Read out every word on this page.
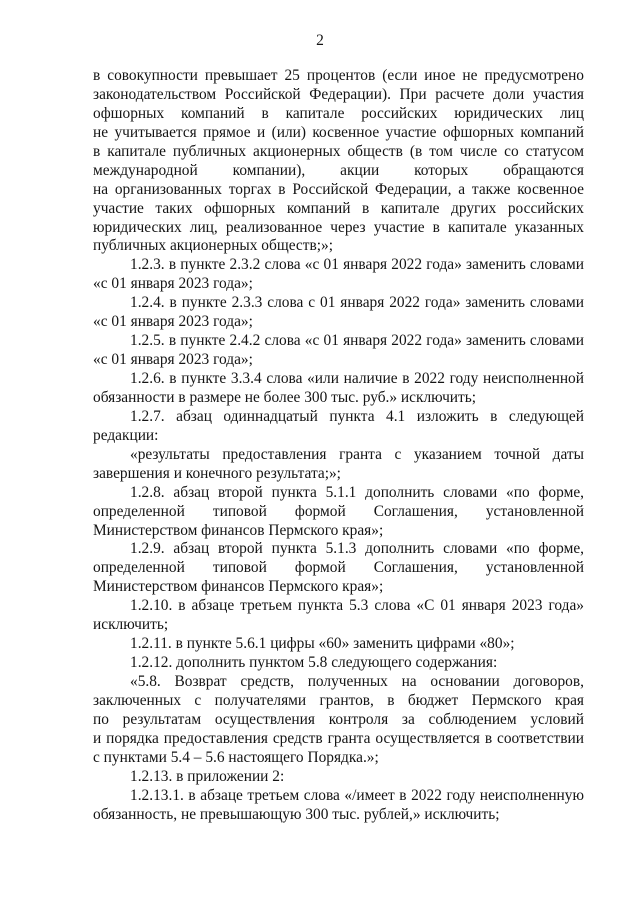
2
в совокупности превышает 25 процентов (если иное не предусмотрено
законодательством Российской Федерации). При расчете доли участия
офшорных компаний в капитале российских юридических лиц
не учитывается прямое и (или) косвенное участие офшорных компаний
в капитале публичных акционерных обществ (в том числе со статусом
международной компании), акции которых обращаются
на организованных торгах в Российской Федерации, а также косвенное
участие таких офшорных компаний в капитале других российских
юридических лиц, реализованное через участие в капитале указанных
публичных акционерных обществ;»;
1.2.3. в пункте 2.3.2 слова «с 01 января 2022 года» заменить словами
«с 01 января 2023 года»;
1.2.4. в пункте 2.3.3 слова с 01 января 2022 года» заменить словами
«с 01 января 2023 года»;
1.2.5. в пункте 2.4.2 слова «с 01 января 2022 года» заменить словами
«с 01 января 2023 года»;
1.2.6. в пункте 3.3.4 слова «или наличие в 2022 году неисполненной
обязанности в размере не более 300 тыс. руб.» исключить;
1.2.7. абзац одиннадцатый пункта 4.1 изложить в следующей
редакции:
«результаты предоставления гранта с указанием точной даты
завершения и конечного результата;»;
1.2.8. абзац второй пункта 5.1.1 дополнить словами «по форме,
определенной типовой формой Соглашения, установленной
Министерством финансов Пермского края»;
1.2.9. абзац второй пункта 5.1.3 дополнить словами «по форме,
определенной типовой формой Соглашения, установленной
Министерством финансов Пермского края»;
1.2.10. в абзаце третьем пункта 5.3 слова «С 01 января 2023 года»
исключить;
1.2.11. в пункте 5.6.1 цифры «60» заменить цифрами «80»;
1.2.12. дополнить пунктом 5.8 следующего содержания:
«5.8. Возврат средств, полученных на основании договоров,
заключенных с получателями грантов, в бюджет Пермского края
по результатам осуществления контроля за соблюдением условий
и порядка предоставления средств гранта осуществляется в соответствии
с пунктами 5.4 – 5.6 настоящего Порядка.»;
1.2.13. в приложении 2:
1.2.13.1. в абзаце третьем слова «/имеет в 2022 году неисполненную
обязанность, не превышающую 300 тыс. рублей,» исключить;
